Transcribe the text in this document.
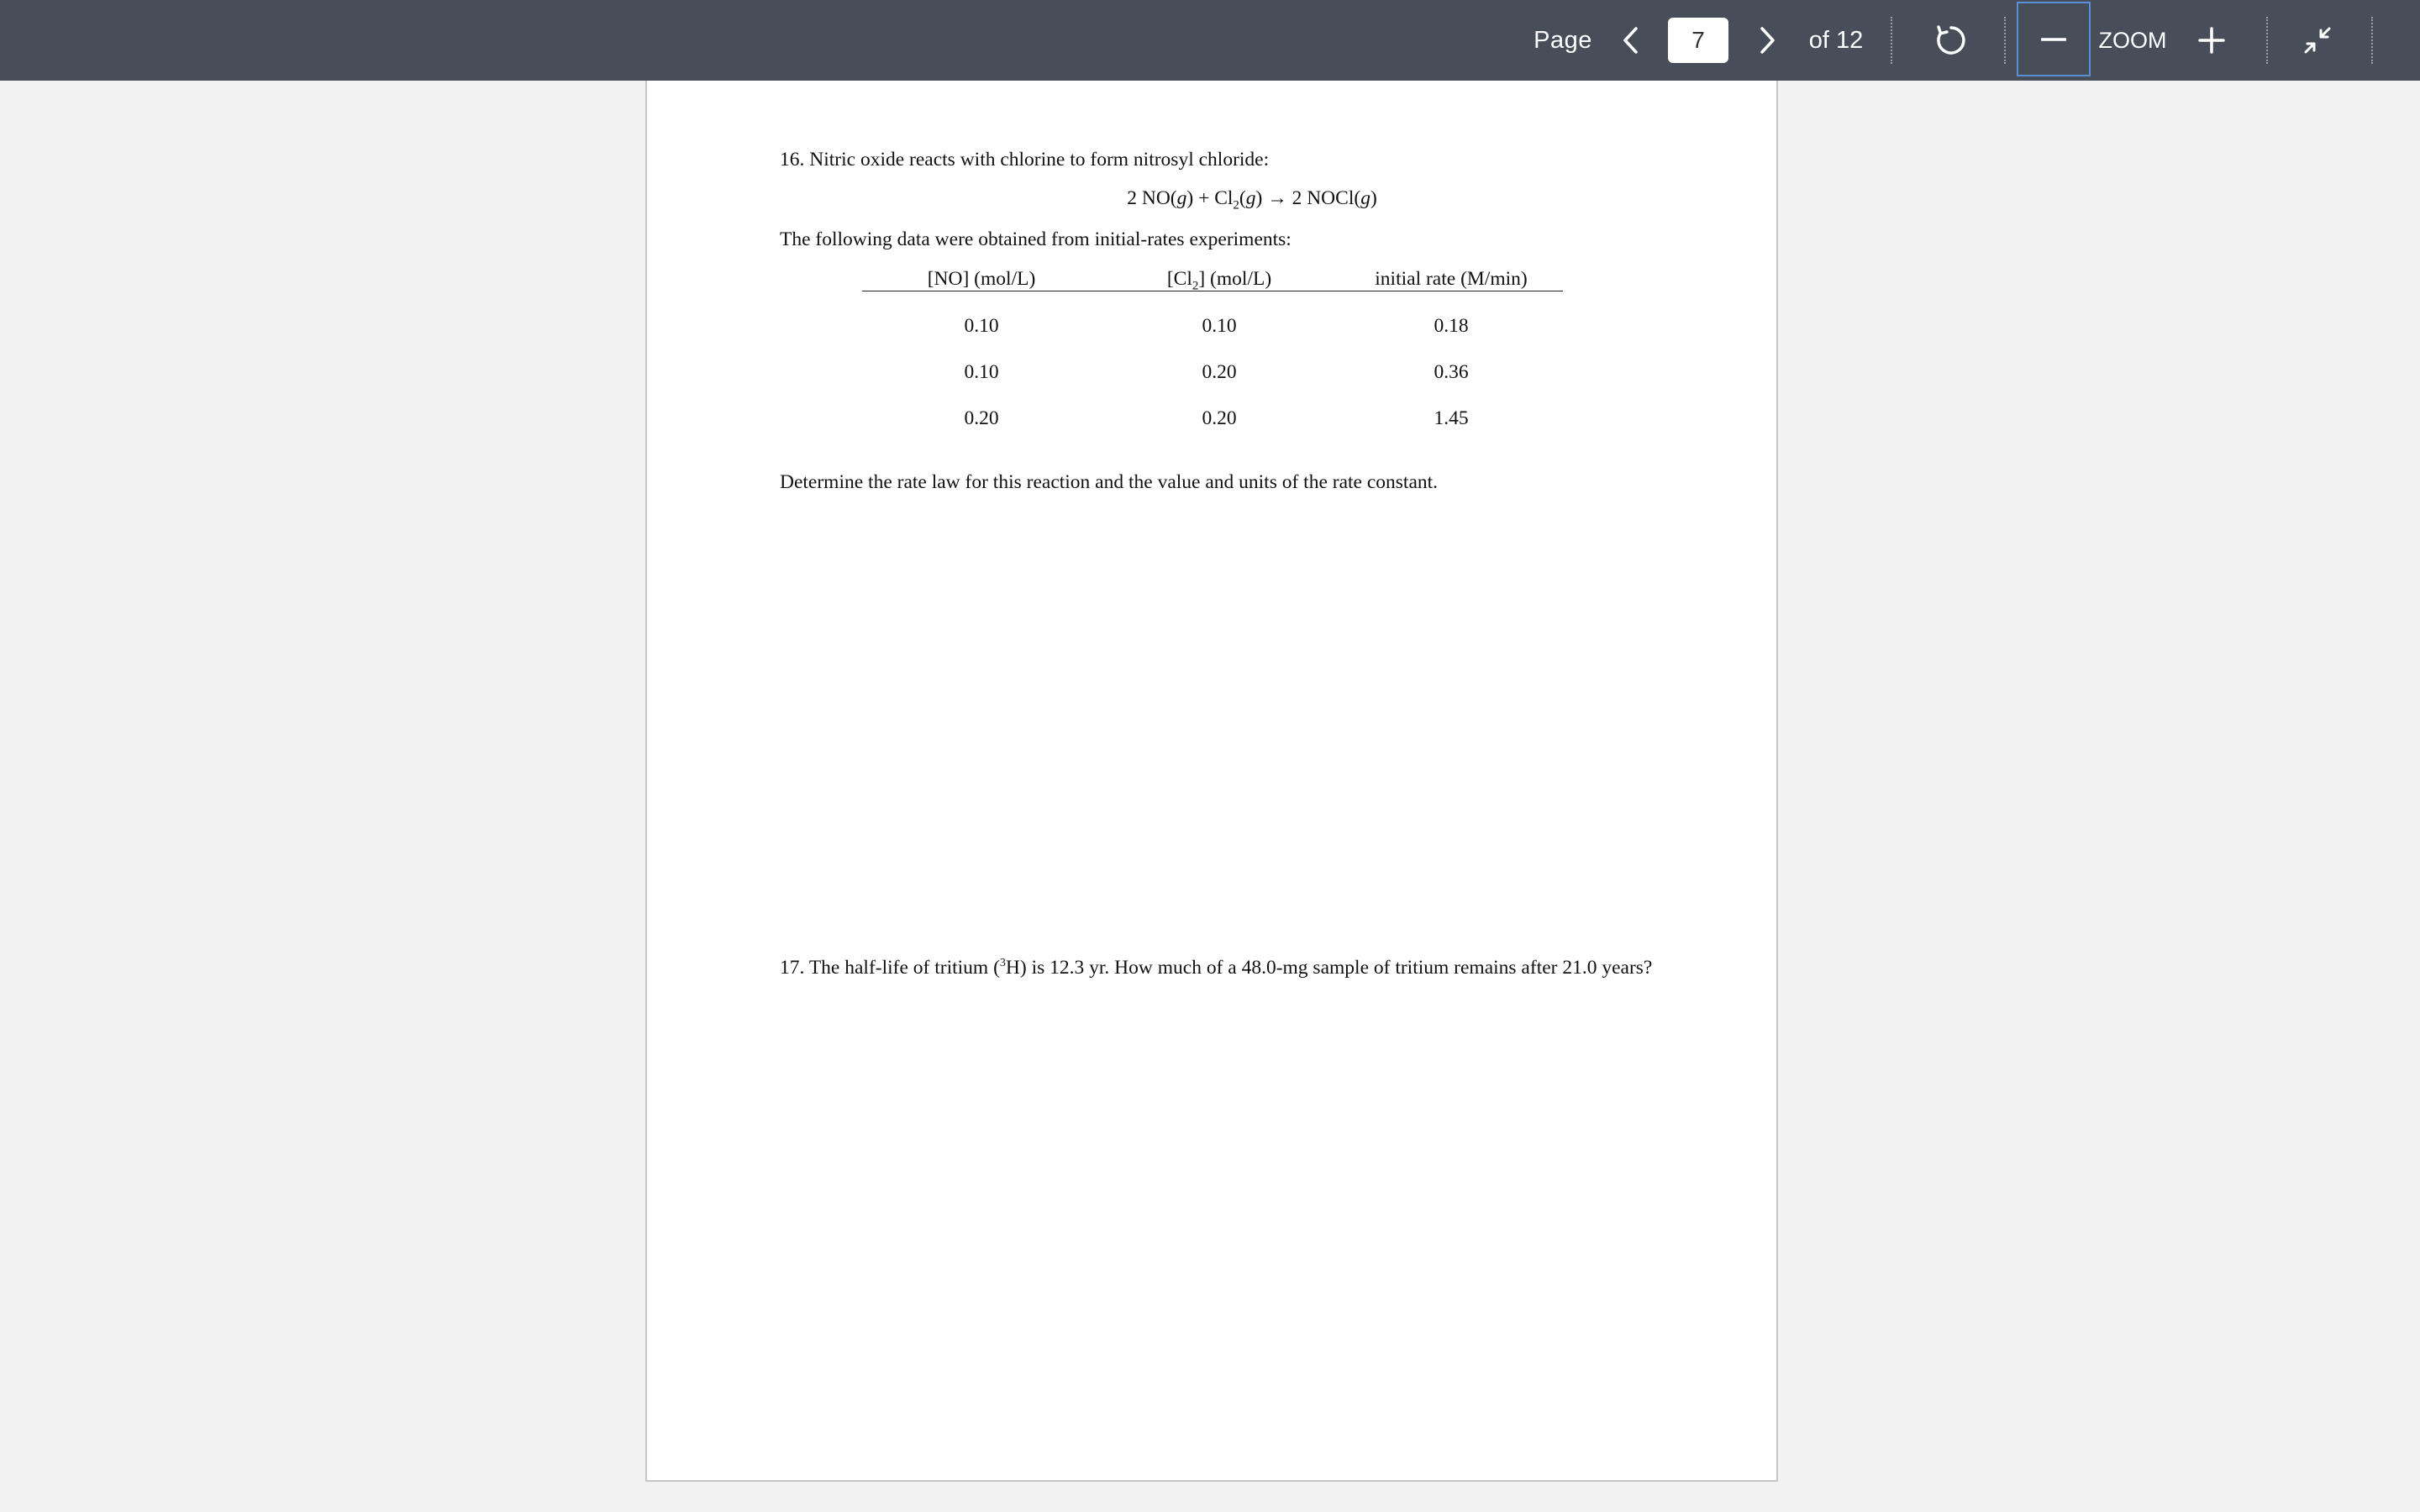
Page
7	of 12	ZOOM
16. Nitric oxide reacts with chlorine to form nitrosyl chloride:
2 $NO(g) + Cl_2(g) \to 2$ NOCl(g)
The following data were obtained from initial-rates experiments:
[NO] (mol/L)	$[Cl_2]$ (mol/L)	initial rate (M/min)
0.10	0.10	0.18
0.10	0.20	0.36
0.20	0.20	1.45
Determine the rate law for this reaction and the value and units of the rate constant.
17. The half-life of tritium ($^3$H) is 12.3 yr. How much of a 48.0-mg sample of tritium remains after 21.0 years?
